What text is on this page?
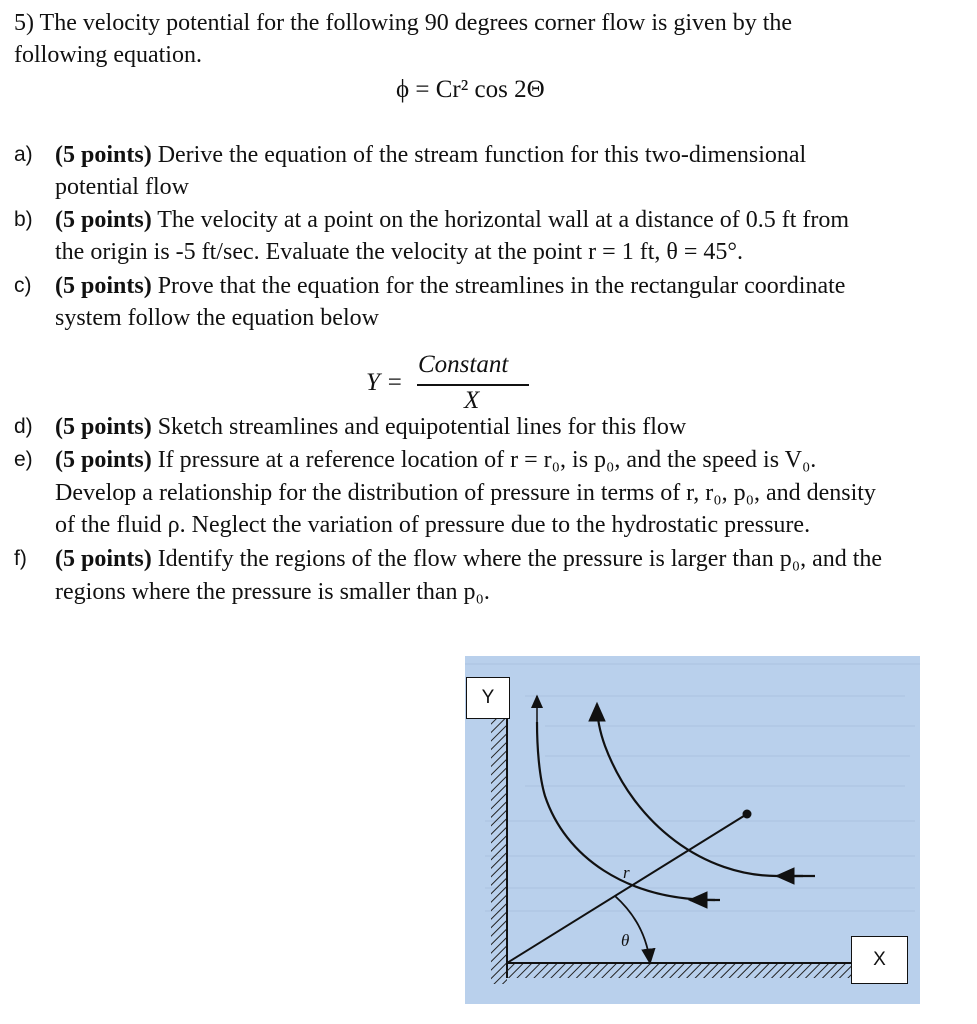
5) The velocity potential for the following 90 degrees corner flow is given by the
following equation.
ϕ = Cr² cos 2Θ
a) (5 points) Derive the equation of the stream function for this two-dimensional
potential flow
b) (5 points) The velocity at a point on the horizontal wall at a distance of 0.5 ft from
the origin is -5 ft/sec. Evaluate the velocity at the point r = 1 ft, θ = 45°.
c) (5 points) Prove that the equation for the streamlines in the rectangular coordinate
system follow the equation below
Y =
Constant
X
d) (5 points) Sketch streamlines and equipotential lines for this flow
e) (5 points) If pressure at a reference location of r = r₀, is p₀, and the speed is V₀.
Develop a relationship for the distribution of pressure in terms of r, r₀, p₀, and density
of the fluid ρ. Neglect the variation of pressure due to the hydrostatic pressure.
f) (5 points) Identify the regions of the flow where the pressure is larger than p₀, and the
regions where the pressure is smaller than p₀.
r
θ
Y
X
